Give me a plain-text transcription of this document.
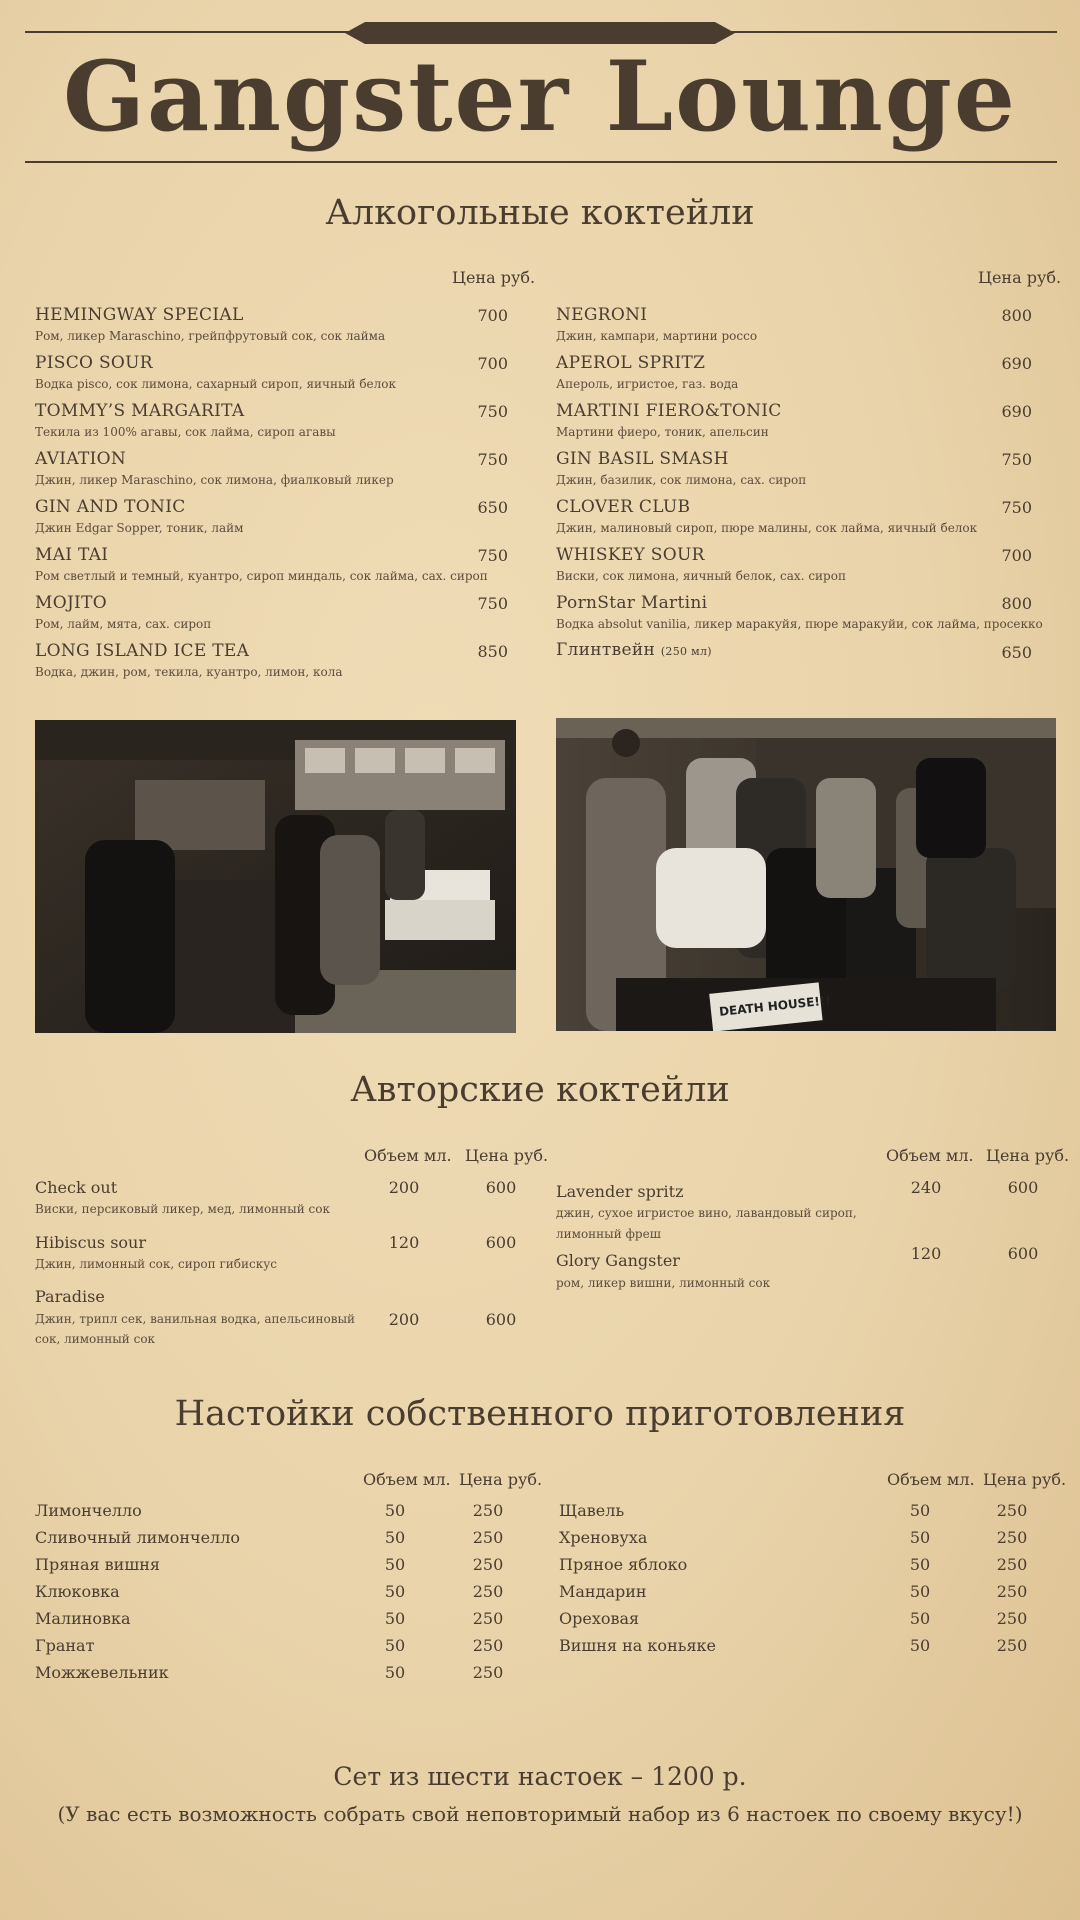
Gangster Lounge
Алкогольные коктейли
Цена руб.	Цена руб.
HEMINGWAY SPECIAL
Ром, ликер Maraschino, грейпфрутовый сок, сок лайма
700
PISCO SOUR
Водка pisco, сок лимона, сахарный сироп, яичный белок
700
TOMMY’S MARGARITA
Текила из 100% агавы, сок лайма, сироп агавы
750
AVIATION
Джин, ликер Maraschino, сок лимона, фиалковый ликер
750
GIN AND TONIC
Джин Edgar Sopper, тоник, лайм
650
MAI TAI
Ром светлый и темный, куантро, сироп миндаль, сок лайма, сах. сироп
750
MOJITO
Ром, лайм, мята, сах. сироп
750
LONG ISLAND ICE TEA
Водка, джин, ром, текила, куантро, лимон, кола
850
NEGRONI
Джин, кампари, мартини россо
800
APEROL SPRITZ
Апероль, игристое, газ. вода
690
MARTINI FIERO&TONIC
Мартини фиеро, тоник, апельсин
690
GIN BASIL SMASH
Джин, базилик, сок лимона, сах. сироп
750
CLOVER CLUB
Джин, малиновый сироп, пюре малины, сок лайма, яичный белок
750
WHISKEY SOUR
Виски, сок лимона, яичный белок, сах. сироп
700
PornStar Martini
Водка absolut vanilia, ликер маракуйя, пюре маракуйи, сок лайма, просекко
800
Глинтвейн (250 мл)	650
DEATH HOUSE!!!
Авторские коктейли
Объем мл. Цена руб.	Объем мл. Цена руб.
Check out
Виски, персиковый ликер, мед, лимонный сок
200	600
Hibiscus sour
Джин, лимонный сок, сироп гибискус
120	600
Paradise
Джин, трипл сек, ванильная водка, апельсиновый
сок, лимонный сок
200	600
Lavender spritz
джин, сухое игристое вино, лавандовый сироп,
лимонный фреш
240	600
Glory Gangster
ром, ликер вишни, лимонный сок
120	600
Настойки собственного приготовления
Объем мл. Цена руб.	Объем мл. Цена руб.
Лимончелло	50	250
Сливочный лимончелло	50	250
Пряная вишня	50	250
Клюковка	50	250
Малиновка	50	250
Гранат	50	250
Можжевельник	50	250
Щавель	50	250
Хреновуха	50	250
Пряное яблоко	50	250
Мандарин	50	250
Ореховая	50	250
Вишня на коньяке	50	250
Сет из шести настоек – 1200 р.
(У вас есть возможность собрать свой неповторимый набор из 6 настоек по своему вкусу!)
